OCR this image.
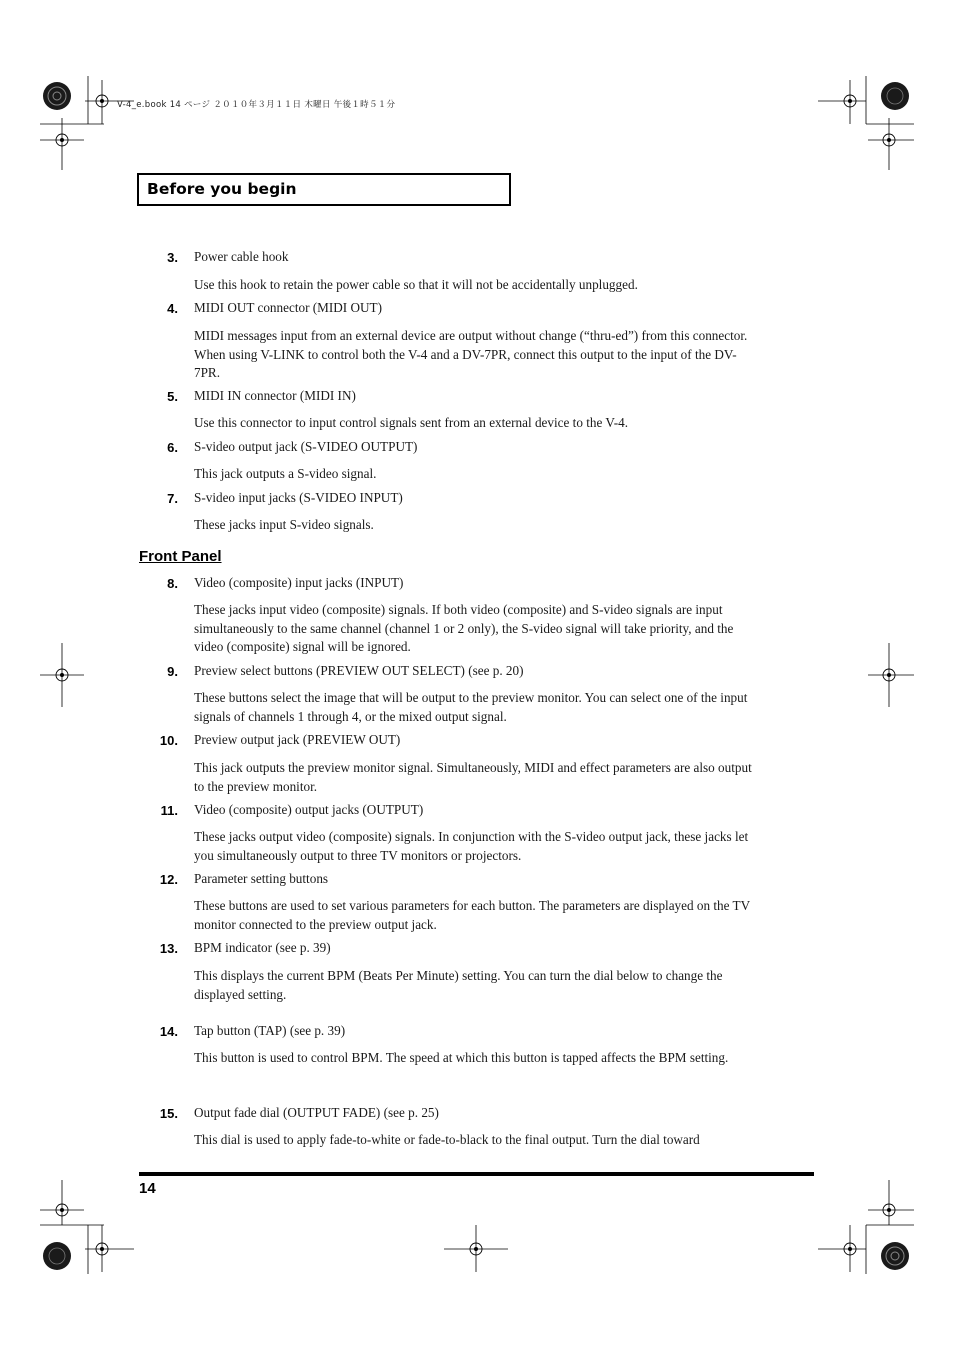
V-4_e.book 14 ページ ２０１０年３月１１日 木曜日 午後１時５１分
Before you begin
3. Power cable hook
Use this hook to retain the power cable so that it will not be accidentally unplugged.
4. MIDI OUT connector (MIDI OUT)
MIDI messages input from an external device are output without change (“thru-ed”) from this connector. When using V-LINK to control both the V-4 and a DV-7PR, connect this output to the input of the DV-7PR.
5. MIDI IN connector (MIDI IN)
Use this connector to input control signals sent from an external device to the V-4.
6. S-video output jack (S-VIDEO OUTPUT)
This jack outputs a S-video signal.
7. S-video input jacks (S-VIDEO INPUT)
These jacks input S-video signals.
Front Panel
8. Video (composite) input jacks (INPUT)
These jacks input video (composite) signals. If both video (composite) and S-video signals are input simultaneously to the same channel (channel 1 or 2 only), the S-video signal will take priority, and the video (composite) signal will be ignored.
9. Preview select buttons (PREVIEW OUT SELECT) (see p. 20)
These buttons select the image that will be output to the preview monitor. You can select one of the input signals of channels 1 through 4, or the mixed output signal.
10. Preview output jack (PREVIEW OUT)
This jack outputs the preview monitor signal. Simultaneously, MIDI and effect parameters are also output to the preview monitor.
11. Video (composite) output jacks (OUTPUT)
These jacks output video (composite) signals. In conjunction with the S-video output jack, these jacks let you simultaneously output to three TV monitors or projectors.
12. Parameter setting buttons
These buttons are used to set various parameters for each button. The parameters are displayed on the TV monitor connected to the preview output jack.
13. BPM indicator (see p. 39)
This displays the current BPM (Beats Per Minute) setting. You can turn the dial below to change the displayed setting.
14. Tap button (TAP) (see p. 39)
This button is used to control BPM. The speed at which this button is tapped affects the BPM setting.
15. Output fade dial (OUTPUT FADE) (see p. 25)
This dial is used to apply fade-to-white or fade-to-black to the final output. Turn the dial toward
14
